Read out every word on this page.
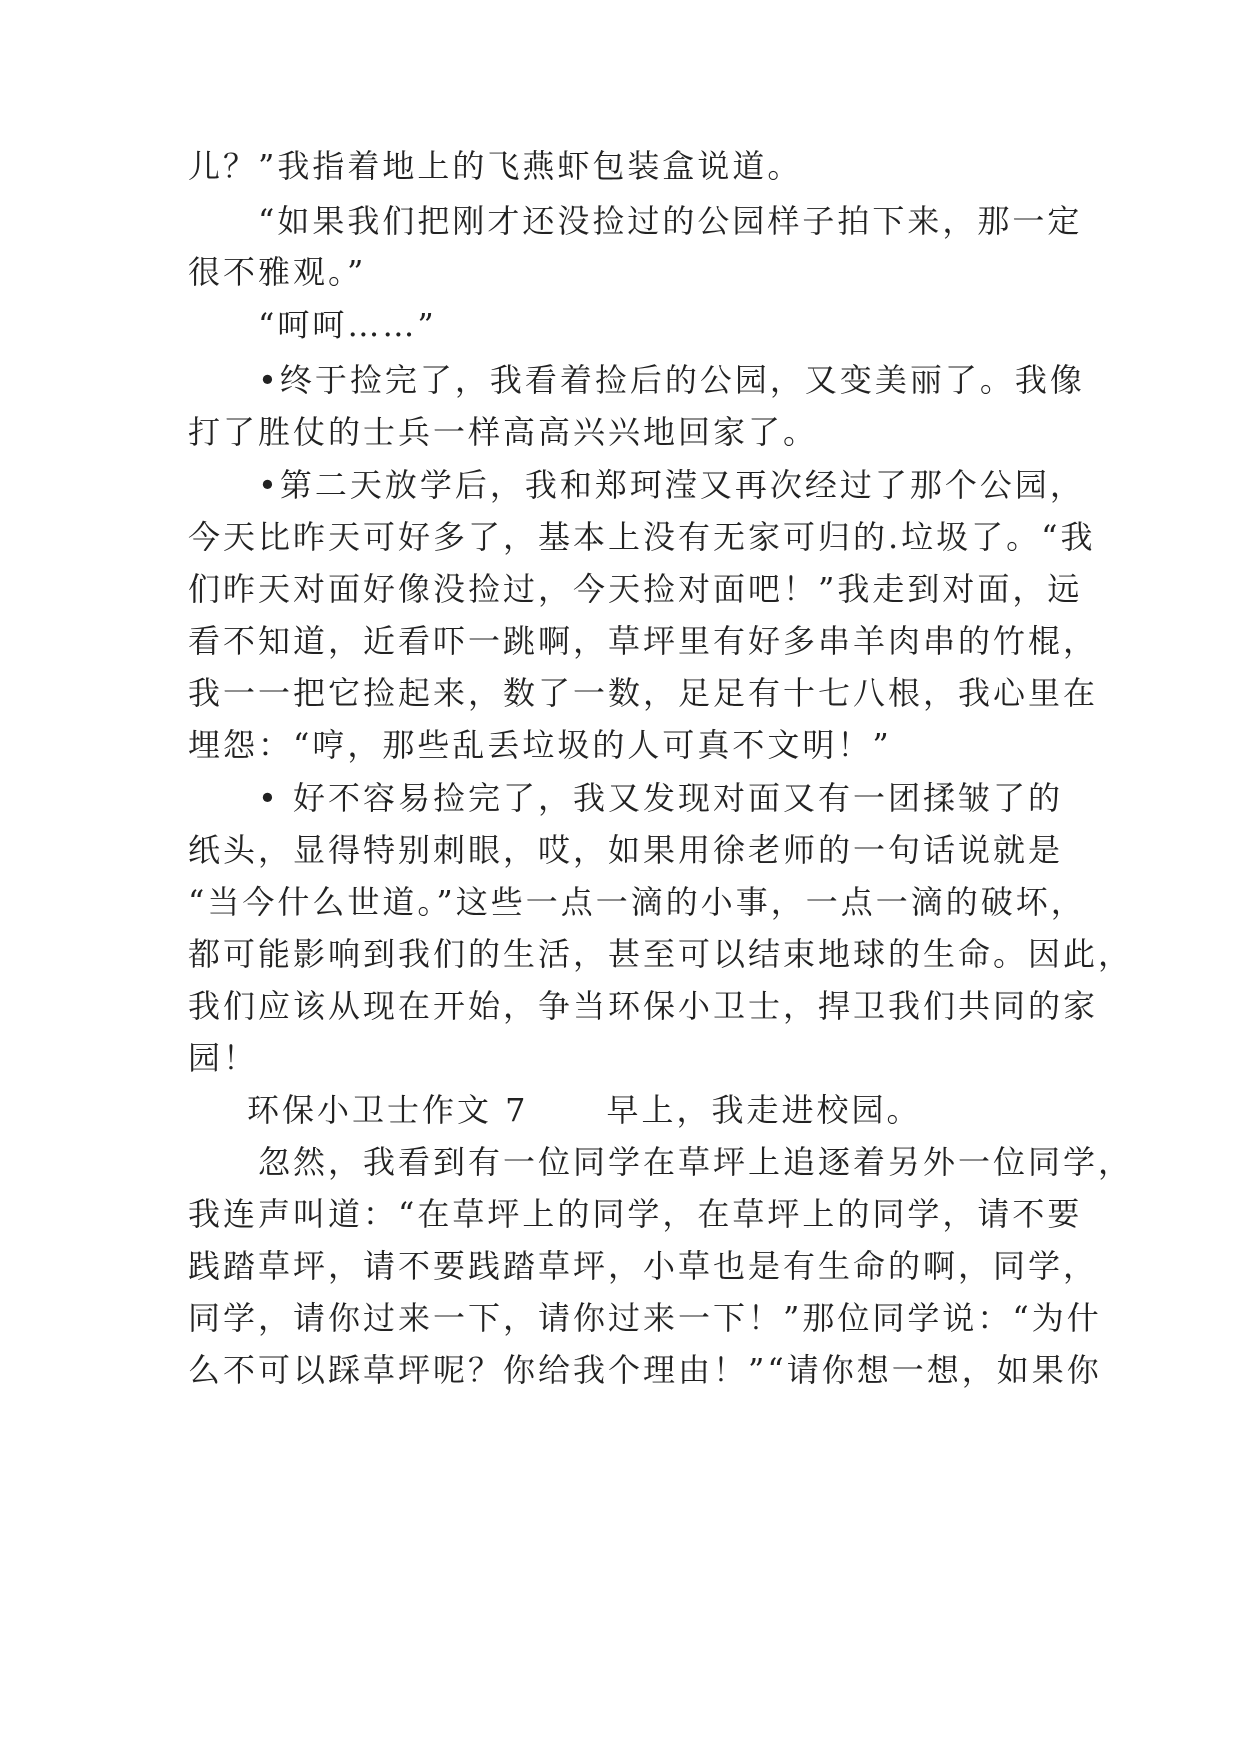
儿？”我指着地上的飞燕虾包装盒说道。
“如果我们把刚才还没捡过的公园样子拍下来，那一定
很不雅观。”
“呵呵……”
•终于捡完了，我看着捡后的公园，又变美丽了。我像
打了胜仗的士兵一样高高兴兴地回家了。
•第二天放学后，我和郑珂滢又再次经过了那个公园，
今天比昨天可好多了，基本上没有无家可归的.垃圾了。“我
们昨天对面好像没捡过，今天捡对面吧！”我走到对面，远
看不知道，近看吓一跳啊，草坪里有好多串羊肉串的竹棍，
我一一把它捡起来，数了一数，足足有十七八根，我心里在
埋怨：“哼，那些乱丢垃圾的人可真不文明！”
• 好不容易捡完了，我又发现对面又有一团揉皱了的
纸头，显得特别刺眼，哎，如果用徐老师的一句话说就是
“当今什么世道。”这些一点一滴的小事，一点一滴的破坏，
都可能影响到我们的生活，甚至可以结束地球的生命。因此，
我们应该从现在开始，争当环保小卫士，捍卫我们共同的家
园！
环保小卫士作文 7 早上，我走进校园。
忽然，我看到有一位同学在草坪上追逐着另外一位同学，
我连声叫道：“在草坪上的同学，在草坪上的同学，请不要
践踏草坪，请不要践踏草坪，小草也是有生命的啊，同学，
同学，请你过来一下，请你过来一下！”那位同学说：“为什
么不可以踩草坪呢？你给我个理由！”“请你想一想，如果你
